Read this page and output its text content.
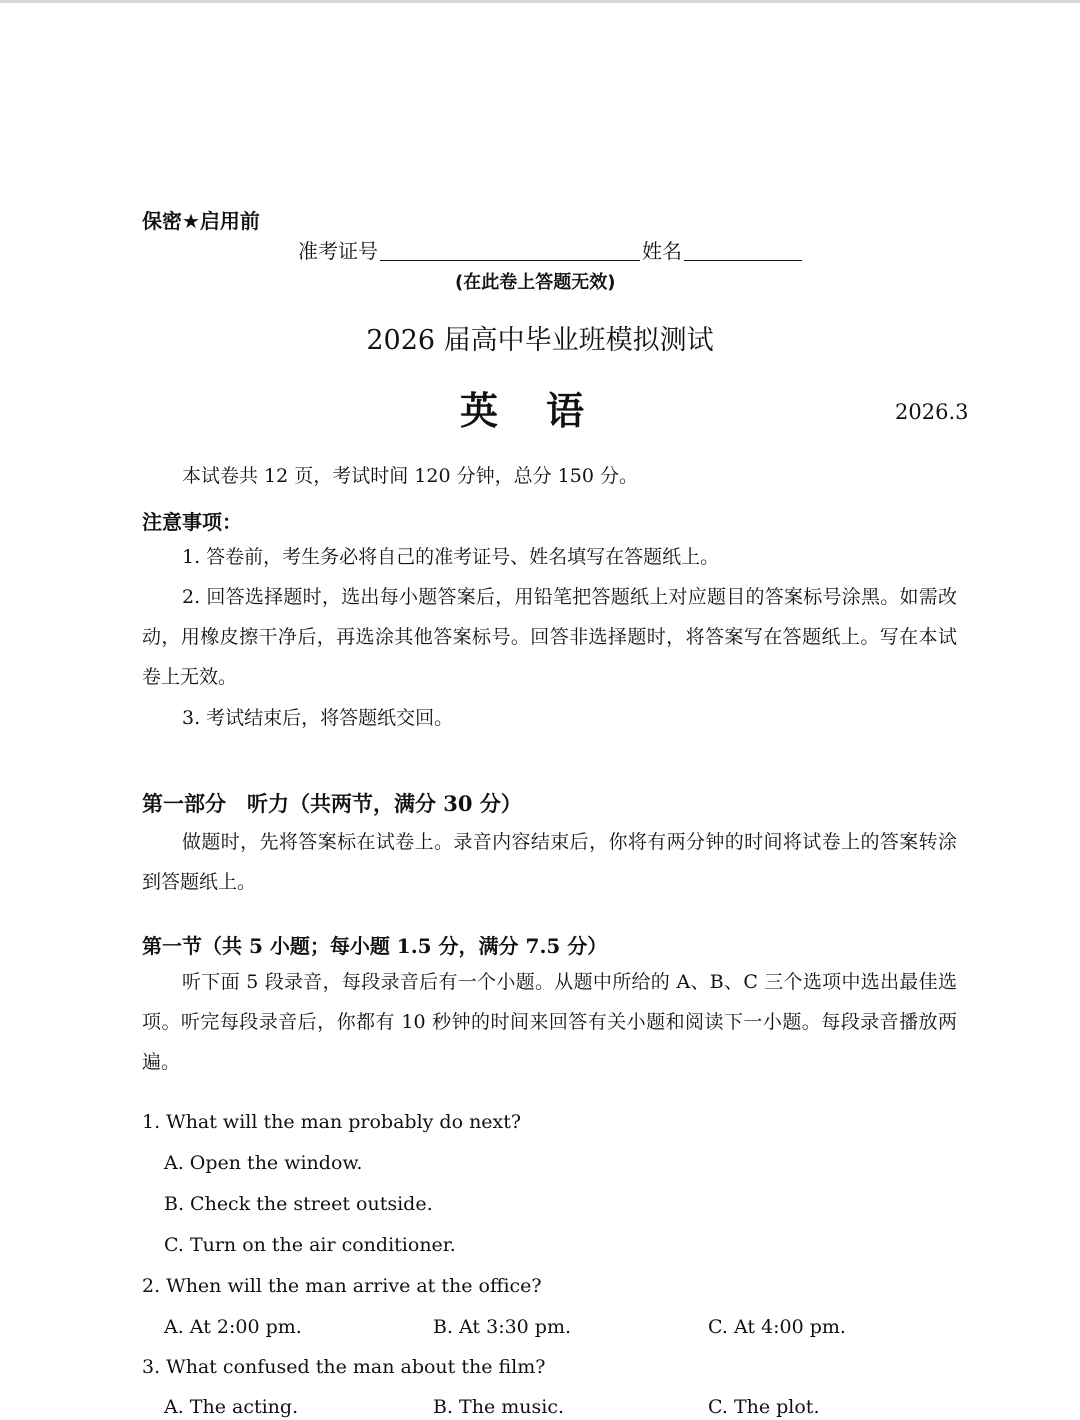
保密★启用前
准考证号	姓名
(在此卷上答题无效)
2026 届高中毕业班模拟测试
英语	2026.3
本试卷共 12 页，考试时间 120 分钟，总分 150 分。
注意事项：
1. 答卷前，考生务必将自己的准考证号、姓名填写在答题纸上。
2. 回答选择题时，选出每小题答案后，用铅笔把答题纸上对应题目的答案标号涂黑。如需改动，用橡皮擦干净后，再选涂其他答案标号。回答非选择题时，将答案写在答题纸上。写在本试卷上无效。
3. 考试结束后，将答题纸交回。
第一部分　听力（共两节，满分 30 分）
做题时，先将答案标在试卷上。录音内容结束后，你将有两分钟的时间将试卷上的答案转涂到答题纸上。
第一节（共 5 小题；每小题 1.5 分，满分 7.5 分）
听下面 5 段录音，每段录音后有一个小题。从题中所给的 A、B、C 三个选项中选出最佳选项。听完每段录音后，你都有 10 秒钟的时间来回答有关小题和阅读下一小题。每段录音播放两遍。
1. What will the man probably do next?
A. Open the window.
B. Check the street outside.
C. Turn on the air conditioner.
2. When will the man arrive at the office?
A. At 2:00 pm.	B. At 3:30 pm.	C. At 4:00 pm.
3. What confused the man about the film?
A. The acting.	B. The music.	C. The plot.
